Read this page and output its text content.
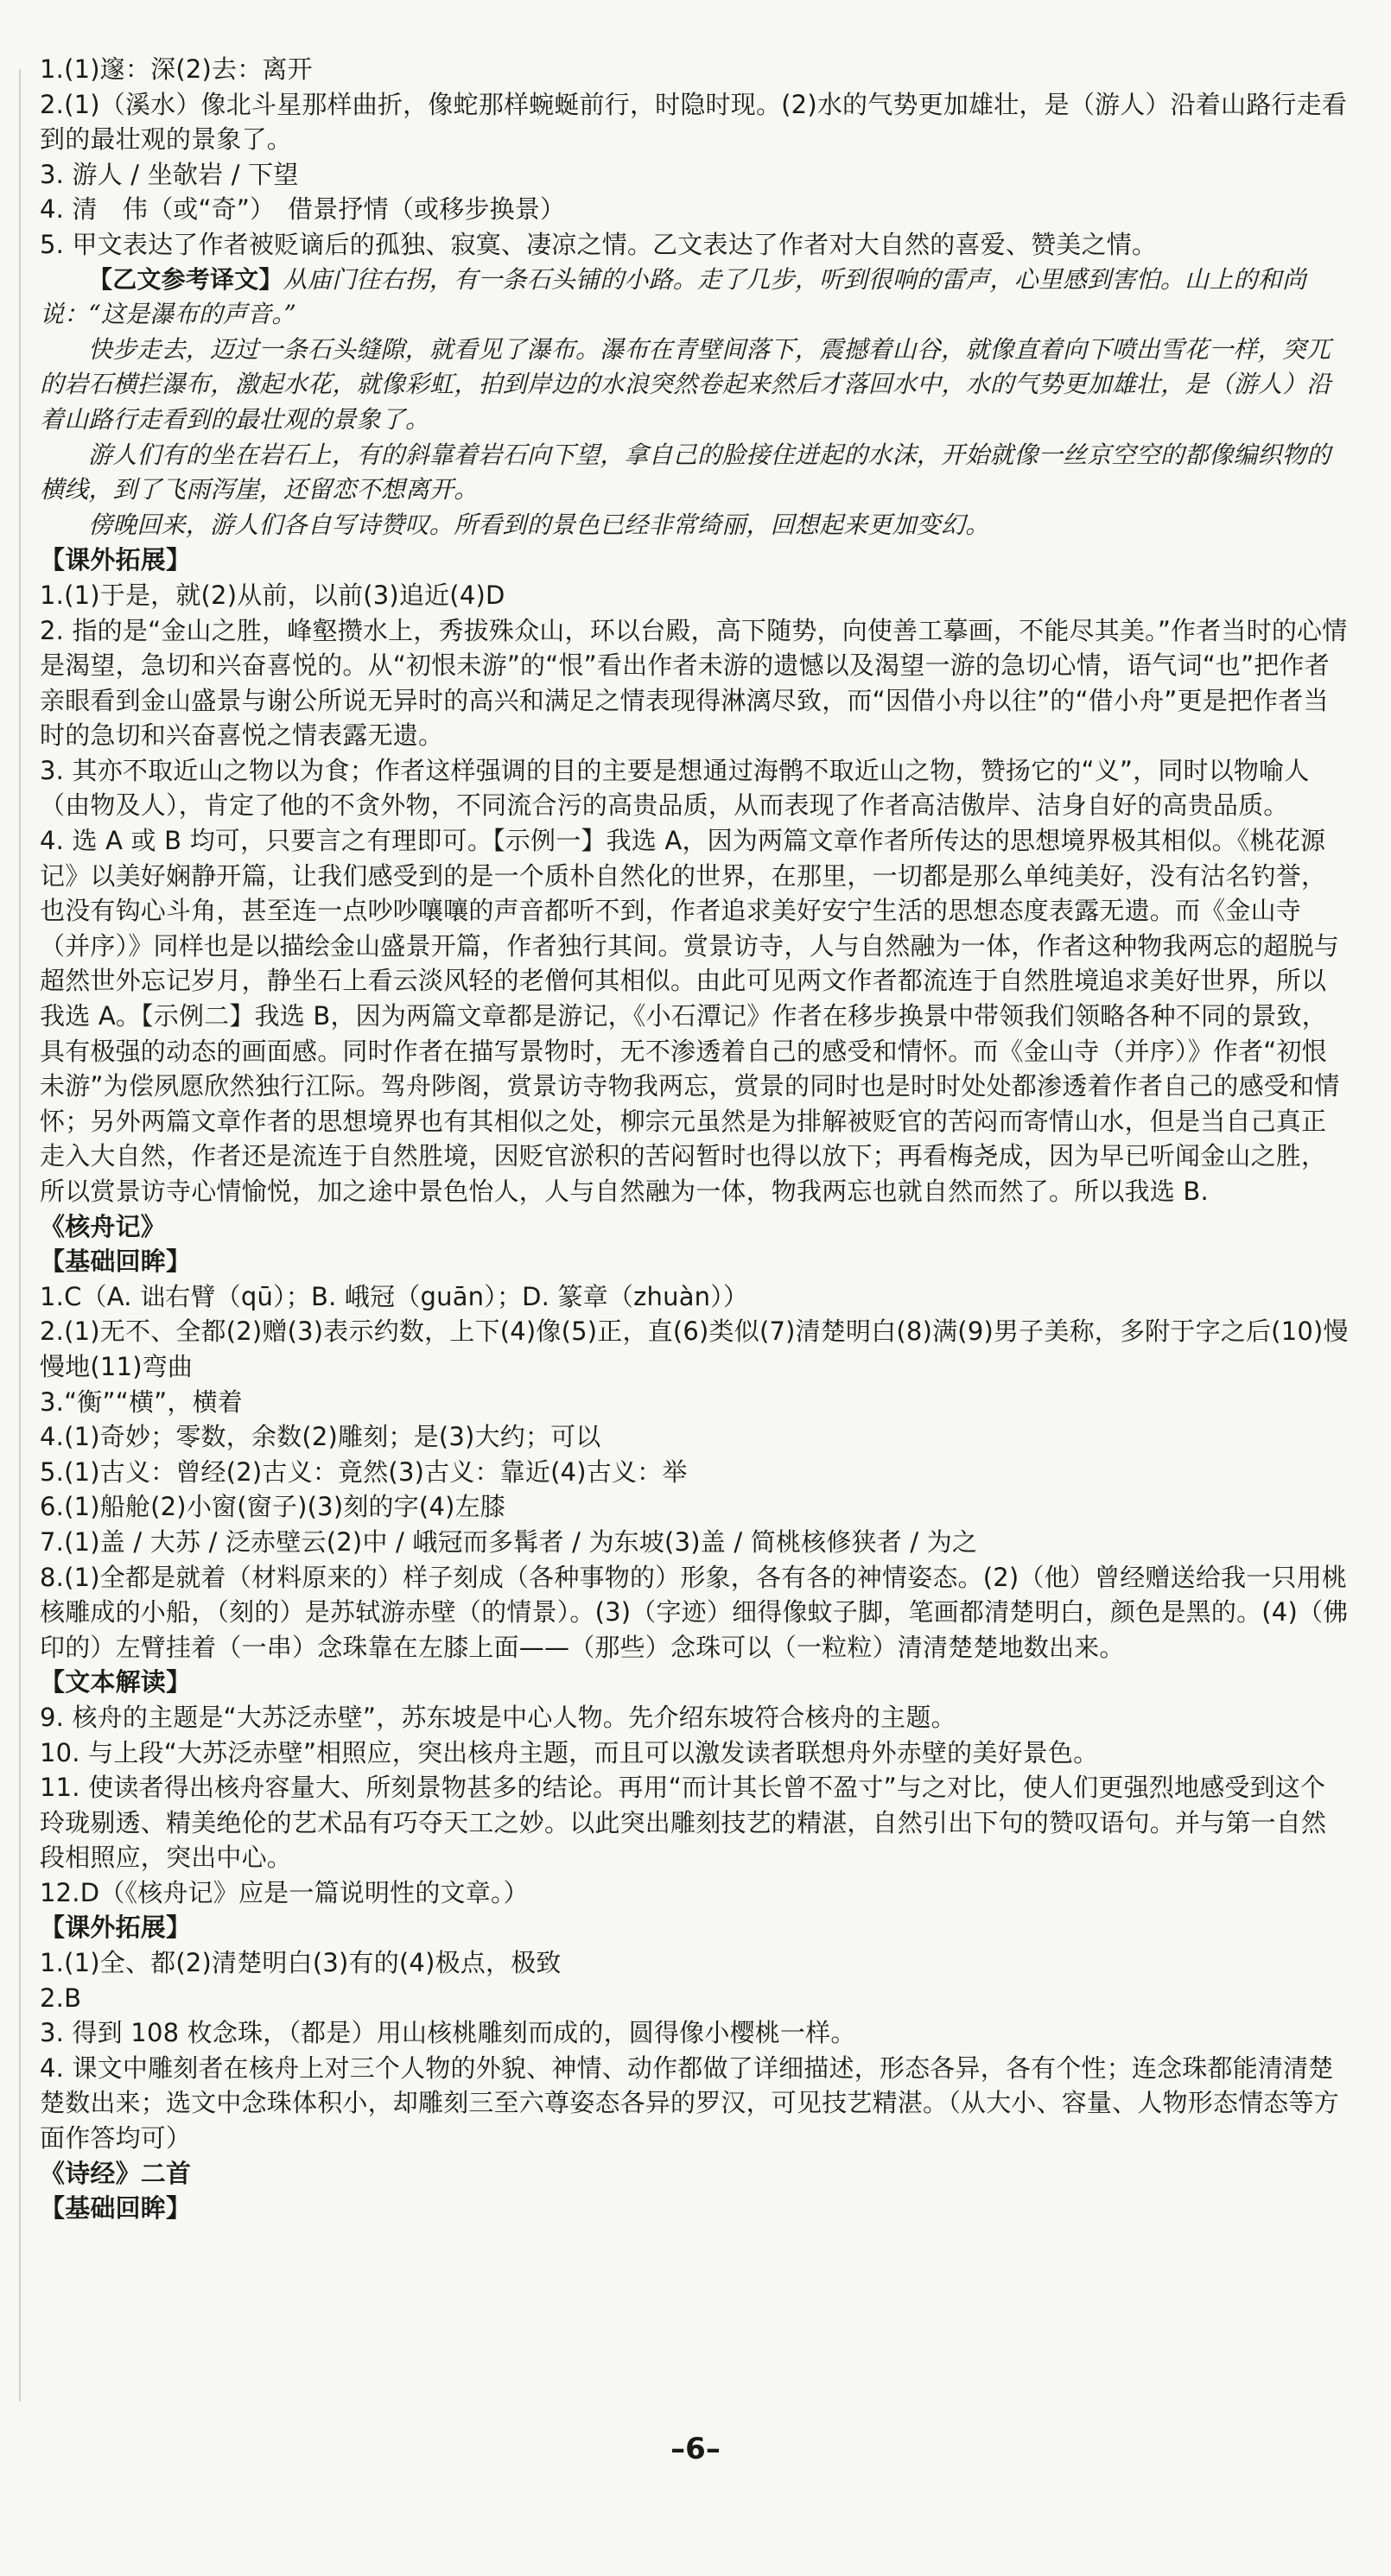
1.(1)邃：深(2)去：离开

2.(1)（溪水）像北斗星那样曲折，像蛇那样蜿蜒前行，时隐时现。(2)水的气势更加雄壮，是（游人）沿着山路行走看到的最壮观的景象了。

3. 游人 / 坐欹岩 / 下望

4. 清　伟（或“奇”）　借景抒情（或移步换景）

5. 甲文表达了作者被贬谪后的孤独、寂寞、凄凉之情。乙文表达了作者对大自然的喜爱、赞美之情。

【乙文参考译文】从庙门往右拐，有一条石头铺的小路。走了几步，听到很响的雷声，心里感到害怕。山上的和尚说：“这是瀑布的声音。”

快步走去，迈过一条石头缝隙，就看见了瀑布。瀑布在青壁间落下，震撼着山谷，就像直着向下喷出雪花一样，突兀的岩石横拦瀑布，激起水花，就像彩虹，拍到岸边的水浪突然卷起来然后才落回水中，水的气势更加雄壮，是（游人）沿着山路行走看到的最壮观的景象了。

游人们有的坐在岩石上，有的斜靠着岩石向下望，拿自己的脸接住迸起的水沫，开始就像一丝京空空的都像编织物的横线，到了飞雨泻崖，还留恋不想离开。

傍晚回来，游人们各自写诗赞叹。所看到的景色已经非常绮丽，回想起来更加变幻。

【课外拓展】

1.(1)于是，就(2)从前，以前(3)追近(4)D

2. 指的是“金山之胜，峰壑攒水上，秀拔殊众山，环以台殿，高下随势，向使善工摹画，不能尽其美。”作者当时的心情是渴望，急切和兴奋喜悦的。从“初恨未游”的“恨”看出作者未游的遗憾以及渴望一游的急切心情，语气词“也”把作者亲眼看到金山盛景与谢公所说无异时的高兴和满足之情表现得淋漓尽致，而“因借小舟以往”的“借小舟”更是把作者当时的急切和兴奋喜悦之情表露无遗。

3. 其亦不取近山之物以为食；作者这样强调的目的主要是想通过海鹘不取近山之物，赞扬它的“义”，同时以物喻人（由物及人），肯定了他的不贪外物，不同流合污的高贵品质，从而表现了作者高洁傲岸、洁身自好的高贵品质。

4. 选 A 或 B 均可，只要言之有理即可。【示例一】我选 A，因为两篇文章作者所传达的思想境界极其相似。《桃花源记》以美好娴静开篇，让我们感受到的是一个质朴自然化的世界，在那里，一切都是那么单纯美好，没有沽名钓誉，也没有钩心斗角，甚至连一点吵吵嚷嚷的声音都听不到，作者追求美好安宁生活的思想态度表露无遗。而《金山寺（并序）》同样也是以描绘金山盛景开篇，作者独行其间。赏景访寺，人与自然融为一体，作者这种物我两忘的超脱与超然世外忘记岁月，静坐石上看云淡风轻的老僧何其相似。由此可见两文作者都流连于自然胜境追求美好世界，所以我选 A。【示例二】我选 B，因为两篇文章都是游记，《小石潭记》作者在移步换景中带领我们领略各种不同的景致，具有极强的动态的画面感。同时作者在描写景物时，无不渗透着自己的感受和情怀。而《金山寺（并序）》作者“初恨未游”为偿夙愿欣然独行江际。驾舟陟阁，赏景访寺物我两忘，赏景的同时也是时时处处都渗透着作者自己的感受和情怀；另外两篇文章作者的思想境界也有其相似之处，柳宗元虽然是为排解被贬官的苦闷而寄情山水，但是当自己真正走入大自然，作者还是流连于自然胜境，因贬官淤积的苦闷暂时也得以放下；再看梅尧成，因为早已听闻金山之胜，所以赏景访寺心情愉悦，加之途中景色怡人，人与自然融为一体，物我两忘也就自然而然了。所以我选 B.

《核舟记》

【基础回眸】

1.C（A. 诎右臂（qū）；B. 峨冠（guān）；D. 篆章（zhuàn））

2.(1)无不、全都(2)赠(3)表示约数，上下(4)像(5)正，直(6)类似(7)清楚明白(8)满(9)男子美称，多附于字之后(10)慢慢地(11)弯曲

3.“衡”“横”，横着

4.(1)奇妙；零数，余数(2)雕刻；是(3)大约；可以

5.(1)古义：曾经(2)古义：竟然(3)古义：靠近(4)古义：举

6.(1)船舱(2)小窗(窗子)(3)刻的字(4)左膝

7.(1)盖 / 大苏 / 泛赤壁云(2)中 / 峨冠而多髯者 / 为东坡(3)盖 / 简桃核修狭者 / 为之

8.(1)全都是就着（材料原来的）样子刻成（各种事物的）形象，各有各的神情姿态。(2)（他）曾经赠送给我一只用桃核雕成的小船，（刻的）是苏轼游赤壁（的情景）。(3)（字迹）细得像蚊子脚，笔画都清楚明白，颜色是黑的。(4)（佛印的）左臂挂着（一串）念珠靠在左膝上面——（那些）念珠可以（一粒粒）清清楚楚地数出来。

【文本解读】

9. 核舟的主题是“大苏泛赤壁”，苏东坡是中心人物。先介绍东坡符合核舟的主题。

10. 与上段“大苏泛赤壁”相照应，突出核舟主题，而且可以激发读者联想舟外赤壁的美好景色。

11. 使读者得出核舟容量大、所刻景物甚多的结论。再用“而计其长曾不盈寸”与之对比，使人们更强烈地感受到这个玲珑剔透、精美绝伦的艺术品有巧夺天工之妙。以此突出雕刻技艺的精湛，自然引出下句的赞叹语句。并与第一自然段相照应，突出中心。

12.D（《核舟记》应是一篇说明性的文章。）

【课外拓展】

1.(1)全、都(2)清楚明白(3)有的(4)极点，极致

2.B

3. 得到 108 枚念珠，（都是）用山核桃雕刻而成的，圆得像小樱桃一样。

4. 课文中雕刻者在核舟上对三个人物的外貌、神情、动作都做了详细描述，形态各异，各有个性；连念珠都能清清楚楚数出来；选文中念珠体积小，却雕刻三至六尊姿态各异的罗汉，可见技艺精湛。（从大小、容量、人物形态情态等方面作答均可）

《诗经》二首

【基础回眸】

–6–
